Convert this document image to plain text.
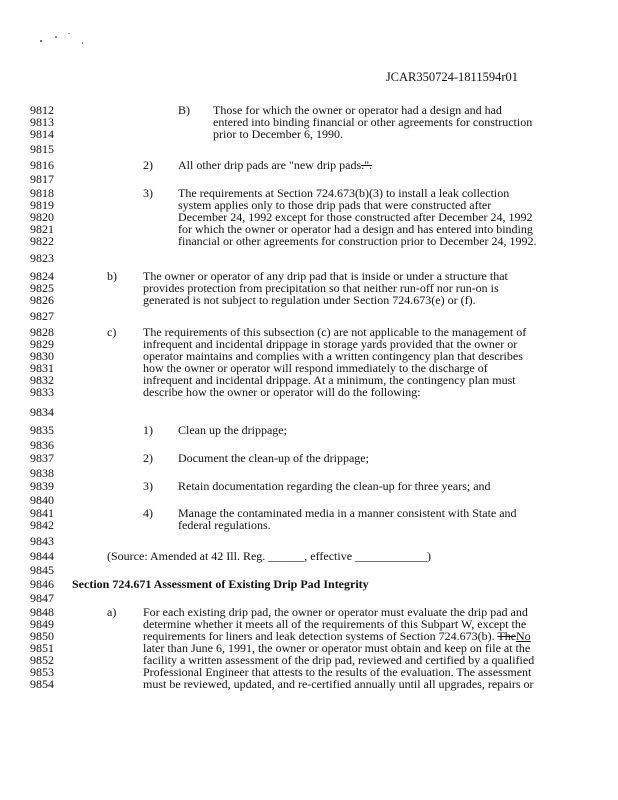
JCAR350724-1811594r01
9812
9813
9814
9815
9816
9817
9818
9819
9820
9821
9822
9823
9824
9825
9826
9827
9828
9829
9830
9831
9832
9833
9834
9835
9836
9837
9838
9839
9840
9841
9842
9843
9844
9845
9846
9847
9848
9849
9850
9851
9852
9853
9854
B) Those for which the owner or operator had a design and had
entered into binding financial or other agreements for construction
prior to December 6, 1990.
2) All other drip pads are "new drip pads.".
3) The requirements at Section 724.673(b)(3) to install a leak collection
system applies only to those drip pads that were constructed after
December 24, 1992 except for those constructed after December 24, 1992
for which the owner or operator had a design and has entered into binding
financial or other agreements for construction prior to December 24, 1992.
b) The owner or operator of any drip pad that is inside or under a structure that
provides protection from precipitation so that neither run-off nor run-on is
generated is not subject to regulation under Section 724.673(e) or (f).
c) The requirements of this subsection (c) are not applicable to the management of
infrequent and incidental drippage in storage yards provided that the owner or
operator maintains and complies with a written contingency plan that describes
how the owner or operator will respond immediately to the discharge of
infrequent and incidental drippage. At a minimum, the contingency plan must
describe how the owner or operator will do the following:
1) Clean up the drippage;
2) Document the clean-up of the drippage;
3) Retain documentation regarding the clean-up for three years; and
4) Manage the contaminated media in a manner consistent with State and
federal regulations.
(Source: Amended at 42 Ill. Reg. ______, effective ____________)
Section 724.671 Assessment of Existing Drip Pad Integrity
a) For each existing drip pad, the owner or operator must evaluate the drip pad and
determine whether it meets all of the requirements of this Subpart W, except the
requirements for liners and leak detection systems of Section 724.673(b). TheNo
later than June 6, 1991, the owner or operator must obtain and keep on file at the
facility a written assessment of the drip pad, reviewed and certified by a qualified
Professional Engineer that attests to the results of the evaluation. The assessment
must be reviewed, updated, and re-certified annually until all upgrades, repairs or
